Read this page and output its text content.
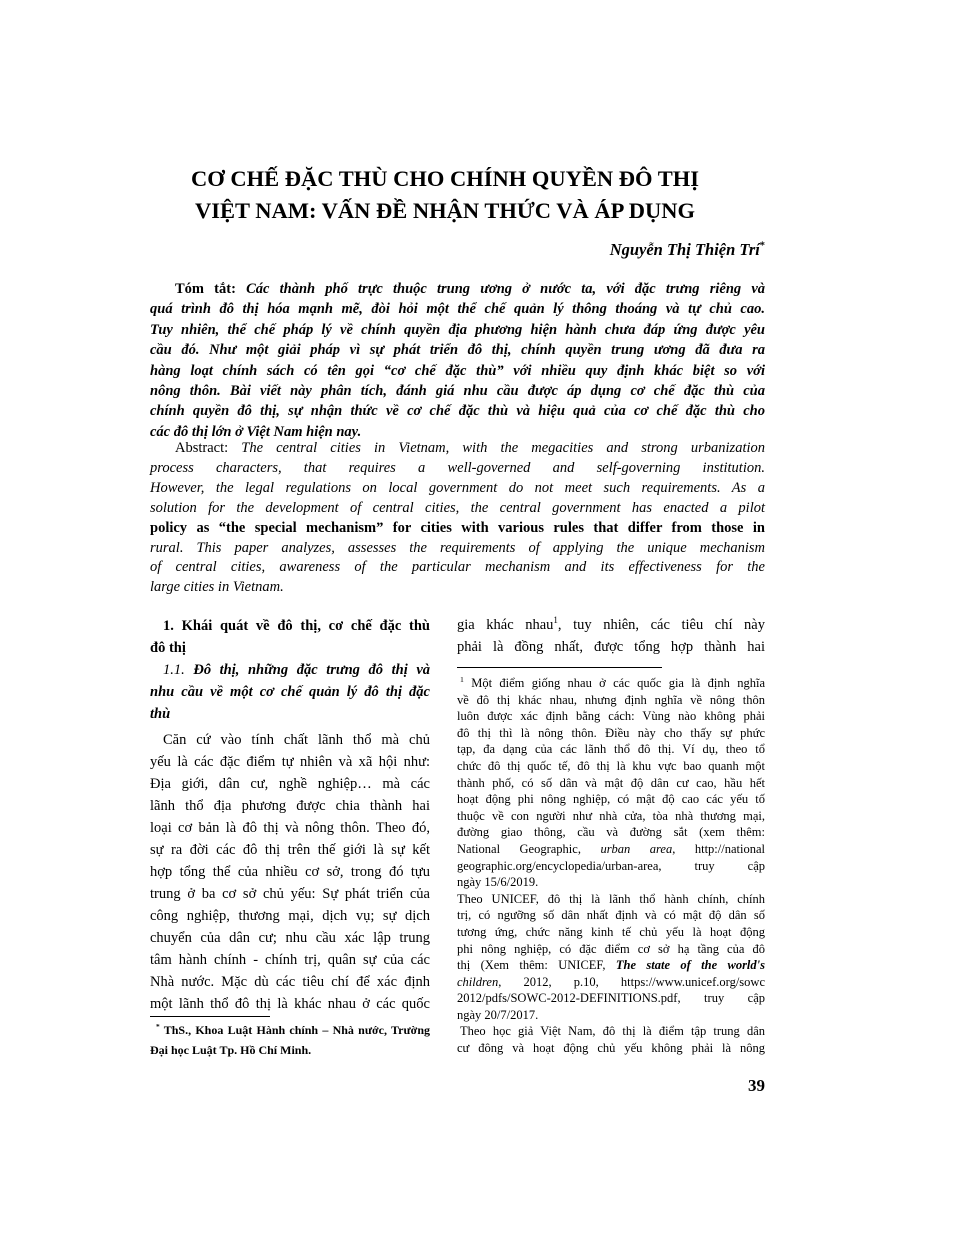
CƠ CHẾ ĐẶC THÙ CHO CHÍNH QUYỀN ĐÔ THỊ
VIỆT NAM: VẤN ĐỀ NHẬN THỨC VÀ ÁP DỤNG
Nguyễn Thị Thiện Trí*
Tóm tắt: Các thành phố trực thuộc trung ương ở nước ta, với đặc trưng riêng và
quá trình đô thị hóa mạnh mẽ, đòi hỏi một thể chế quản lý thông thoáng và tự chủ cao.
Tuy nhiên, thể chế pháp lý về chính quyền địa phương hiện hành chưa đáp ứng được yêu
cầu đó. Như một giải pháp vì sự phát triển đô thị, chính quyền trung ương đã đưa ra
hàng loạt chính sách có tên gọi “cơ chế đặc thù” với nhiều quy định khác biệt so với
nông thôn. Bài viết này phân tích, đánh giá nhu cầu được áp dụng cơ chế đặc thù của
chính quyền đô thị, sự nhận thức về cơ chế đặc thù và hiệu quả của cơ chế đặc thù cho
các đô thị lớn ở Việt Nam hiện nay.
Abstract: The central cities in Vietnam, with the megacities and strong urbanization
process characters, that requires a well-governed and self-governing institution.
However, the legal regulations on local government do not meet such requirements. As a
solution for the development of central cities, the central government has enacted a pilot
policy as “the special mechanism” for cities with various rules that differ from those in
rural. This paper analyzes, assesses the requirements of applying the unique mechanism
of central cities, awareness of the particular mechanism and its effectiveness for the
large cities in Vietnam.
1. Khái quát về đô thị, cơ chế đặc thù
đô thị
1.1. Đô thị, những đặc trưng đô thị và
nhu cầu về một cơ chế quản lý đô thị đặc
thù
Căn cứ vào tính chất lãnh thổ mà chủ
yếu là các đặc điểm tự nhiên và xã hội như:
Địa giới, dân cư, nghề nghiệp… mà các
lãnh thổ địa phương được chia thành hai
loại cơ bản là đô thị và nông thôn. Theo đó,
sự ra đời các đô thị trên thế giới là sự kết
hợp tổng thể của nhiều cơ sở, trong đó tựu
trung ở ba cơ sở chủ yếu: Sự phát triển của
công nghiệp, thương mại, dịch vụ; sự dịch
chuyển của dân cư; nhu cầu xác lập trung
tâm hành chính - chính trị, quân sự của các
Nhà nước. Mặc dù các tiêu chí để xác định
một lãnh thổ đô thị là khác nhau ở các quốc
* ThS., Khoa Luật Hành chính – Nhà nước, Trường
Đại học Luật Tp. Hồ Chí Minh.
gia khác nhau$^1$, tuy nhiên, các tiêu chí này
phải là đồng nhất, được tổng hợp thành hai
$^1$ Một điểm giống nhau ở các quốc gia là định nghĩa
về đô thị khác nhau, nhưng định nghĩa về nông thôn
luôn được xác định bằng cách: Vùng nào không phải
đô thị thì là nông thôn. Điều này cho thấy sự phức
tạp, đa dạng của các lãnh thổ đô thị. Ví dụ, theo tổ
chức đô thị quốc tế, đô thị là khu vực bao quanh một
thành phố, có số dân và mật độ dân cư cao, hầu hết
hoạt động phi nông nghiệp, có mật độ cao các yếu tố
thuộc về con người như nhà cửa, tòa nhà thương mại,
đường giao thông, cầu và đường sắt (xem thêm:
National Geographic, urban area, http://national
geographic.org/encyclopedia/urban-area, truy cập
ngày 15/6/2019.
Theo UNICEF, đô thị là lãnh thổ hành chính, chính
trị, có ngưỡng số dân nhất định và có mật độ dân số
tương ứng, chức năng kinh tế chủ yếu là hoạt động
phi nông nghiệp, có đặc điểm cơ sở hạ tầng của đô
thị (Xem thêm: UNICEF, The state of the world's
children, 2012, p.10, https://www.unicef.org/sowc
2012/pdfs/SOWC-2012-DEFINITIONS.pdf, truy cập
ngày 20/7/2017.
Theo học giả Việt Nam, đô thị là điểm tập trung dân
cư đông và hoạt động chủ yếu không phải là nông
39
